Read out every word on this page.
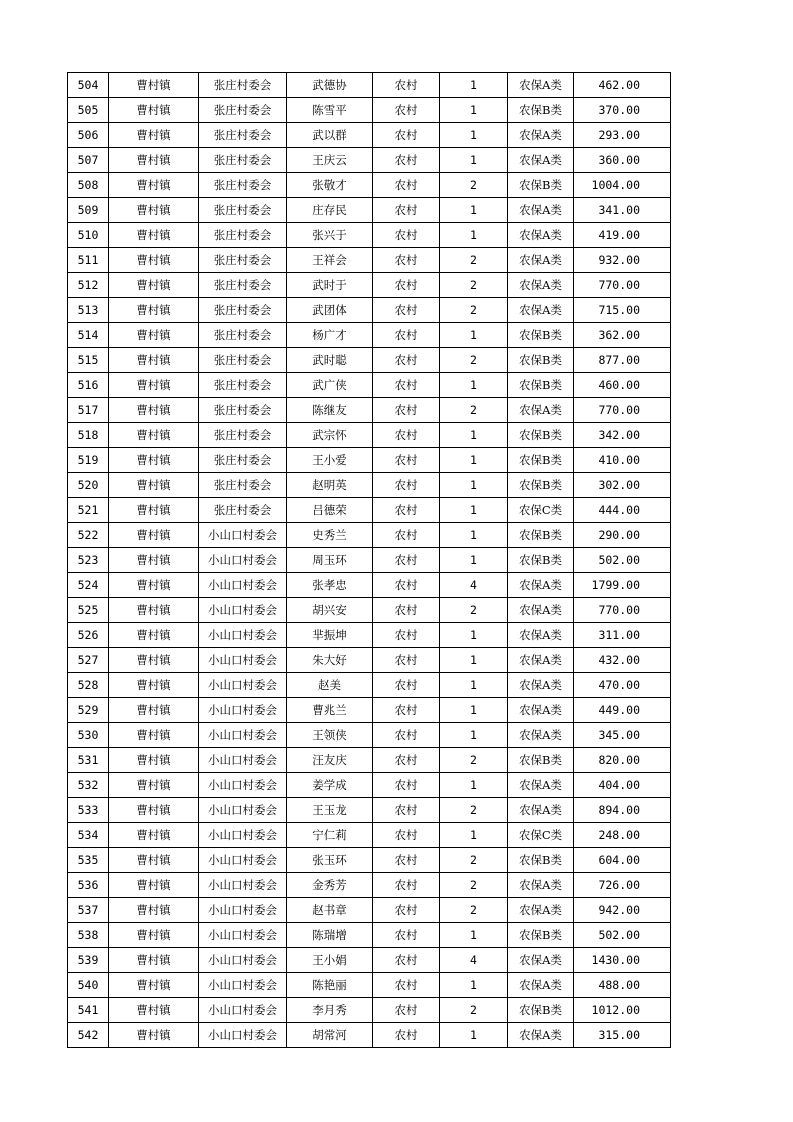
504	曹村镇	张庄村委会	武德协	农村	1	农保A类	462.00
505	曹村镇	张庄村委会	陈雪平	农村	1	农保B类	370.00
506	曹村镇	张庄村委会	武以群	农村	1	农保A类	293.00
507	曹村镇	张庄村委会	王庆云	农村	1	农保A类	360.00
508	曹村镇	张庄村委会	张敬才	农村	2	农保B类	1004.00
509	曹村镇	张庄村委会	庄存民	农村	1	农保A类	341.00
510	曹村镇	张庄村委会	张兴于	农村	1	农保A类	419.00
511	曹村镇	张庄村委会	王祥会	农村	2	农保A类	932.00
512	曹村镇	张庄村委会	武时于	农村	2	农保A类	770.00
513	曹村镇	张庄村委会	武团体	农村	2	农保A类	715.00
514	曹村镇	张庄村委会	杨广才	农村	1	农保B类	362.00
515	曹村镇	张庄村委会	武时聪	农村	2	农保B类	877.00
516	曹村镇	张庄村委会	武广侠	农村	1	农保B类	460.00
517	曹村镇	张庄村委会	陈继友	农村	2	农保A类	770.00
518	曹村镇	张庄村委会	武宗怀	农村	1	农保B类	342.00
519	曹村镇	张庄村委会	王小爱	农村	1	农保B类	410.00
520	曹村镇	张庄村委会	赵明英	农村	1	农保B类	302.00
521	曹村镇	张庄村委会	吕德荣	农村	1	农保C类	444.00
522	曹村镇	小山口村委会	史秀兰	农村	1	农保B类	290.00
523	曹村镇	小山口村委会	周玉环	农村	1	农保B类	502.00
524	曹村镇	小山口村委会	张孝忠	农村	4	农保A类	1799.00
525	曹村镇	小山口村委会	胡兴安	农村	2	农保A类	770.00
526	曹村镇	小山口村委会	芈振坤	农村	1	农保A类	311.00
527	曹村镇	小山口村委会	朱大好	农村	1	农保A类	432.00
528	曹村镇	小山口村委会	赵美	农村	1	农保A类	470.00
529	曹村镇	小山口村委会	曹兆兰	农村	1	农保A类	449.00
530	曹村镇	小山口村委会	王领侠	农村	1	农保A类	345.00
531	曹村镇	小山口村委会	汪友庆	农村	2	农保B类	820.00
532	曹村镇	小山口村委会	姜学成	农村	1	农保A类	404.00
533	曹村镇	小山口村委会	王玉龙	农村	2	农保A类	894.00
534	曹村镇	小山口村委会	宁仁莉	农村	1	农保C类	248.00
535	曹村镇	小山口村委会	张玉环	农村	2	农保B类	604.00
536	曹村镇	小山口村委会	金秀芳	农村	2	农保A类	726.00
537	曹村镇	小山口村委会	赵书章	农村	2	农保A类	942.00
538	曹村镇	小山口村委会	陈瑞增	农村	1	农保B类	502.00
539	曹村镇	小山口村委会	王小娟	农村	4	农保A类	1430.00
540	曹村镇	小山口村委会	陈艳丽	农村	1	农保A类	488.00
541	曹村镇	小山口村委会	李月秀	农村	2	农保B类	1012.00
542	曹村镇	小山口村委会	胡常河	农村	1	农保A类	315.00
